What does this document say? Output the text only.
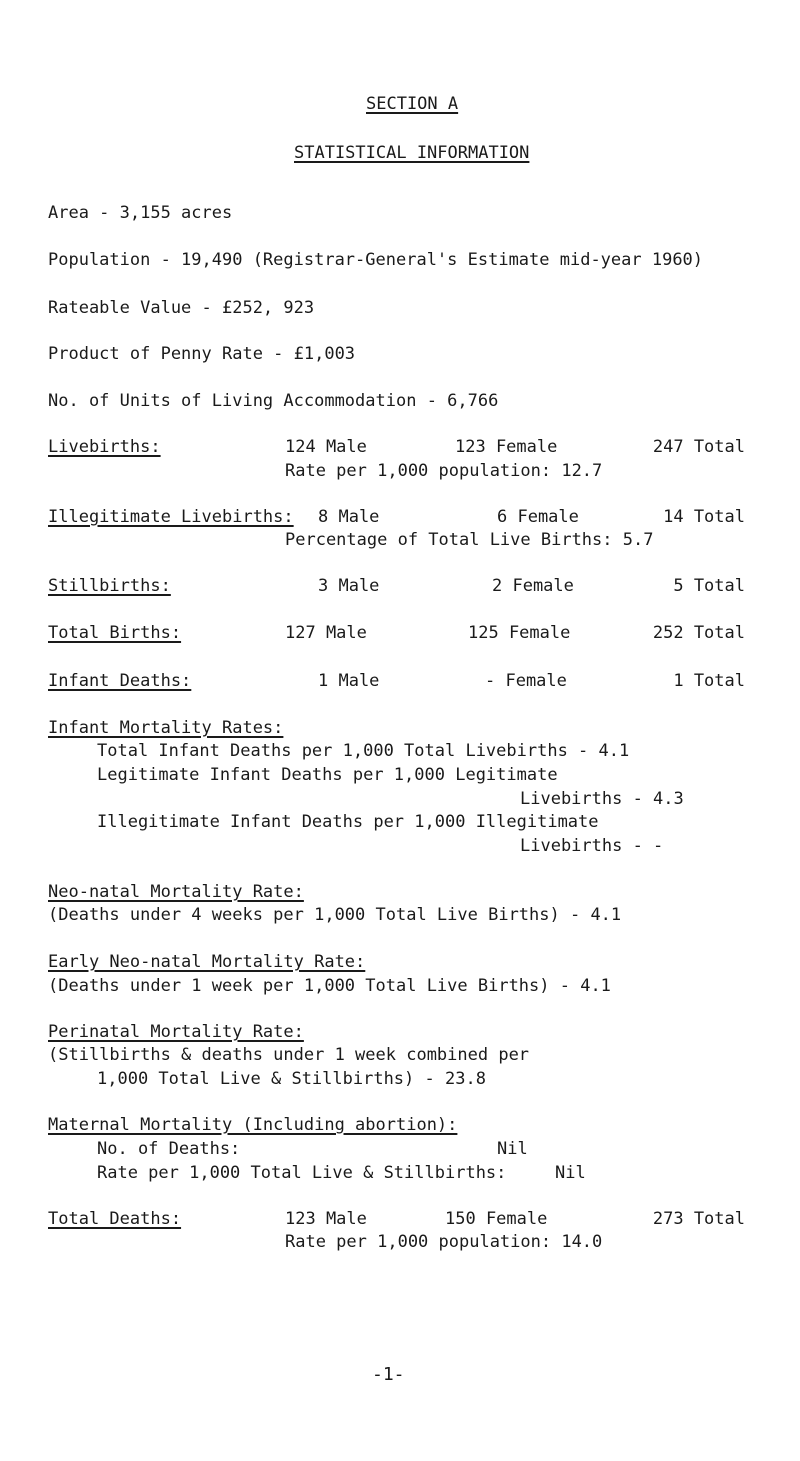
SECTION A
STATISTICAL INFORMATION
Area - 3,155 acres
Population - 19,490 (Registrar-General's Estimate mid-year 1960)
Rateable Value - £252, 923
Product of Penny Rate - £1,003
No. of Units of Living Accommodation - 6,766
Livebirths:	124 Male	123 Female	247 Total
Rate per 1,000 population: 12.7
Illegitimate Livebirths: 8 Male	6 Female	14 Total
Percentage of Total Live Births: 5.7
Stillbirths:	3 Male	2 Female	5 Total
Total Births:	127 Male	125 Female	252 Total
Infant Deaths:	1 Male	- Female	1 Total
Infant Mortality Rates:
Total Infant Deaths per 1,000 Total Livebirths - 4.1
Legitimate Infant Deaths per 1,000 Legitimate
Livebirths - 4.3
Illegitimate Infant Deaths per 1,000 Illegitimate
Livebirths - -
Neo-natal Mortality Rate:
(Deaths under 4 weeks per 1,000 Total Live Births) - 4.1
Early Neo-natal Mortality Rate:
(Deaths under 1 week per 1,000 Total Live Births) - 4.1
Perinatal Mortality Rate:
(Stillbirths & deaths under 1 week combined per
1,000 Total Live & Stillbirths) - 23.8
Maternal Mortality (Including abortion):
No. of Deaths:	Nil
Rate per 1,000 Total Live & Stillbirths:	Nil
Total Deaths:	123 Male	150 Female	273 Total
Rate per 1,000 population: 14.0
-1-
